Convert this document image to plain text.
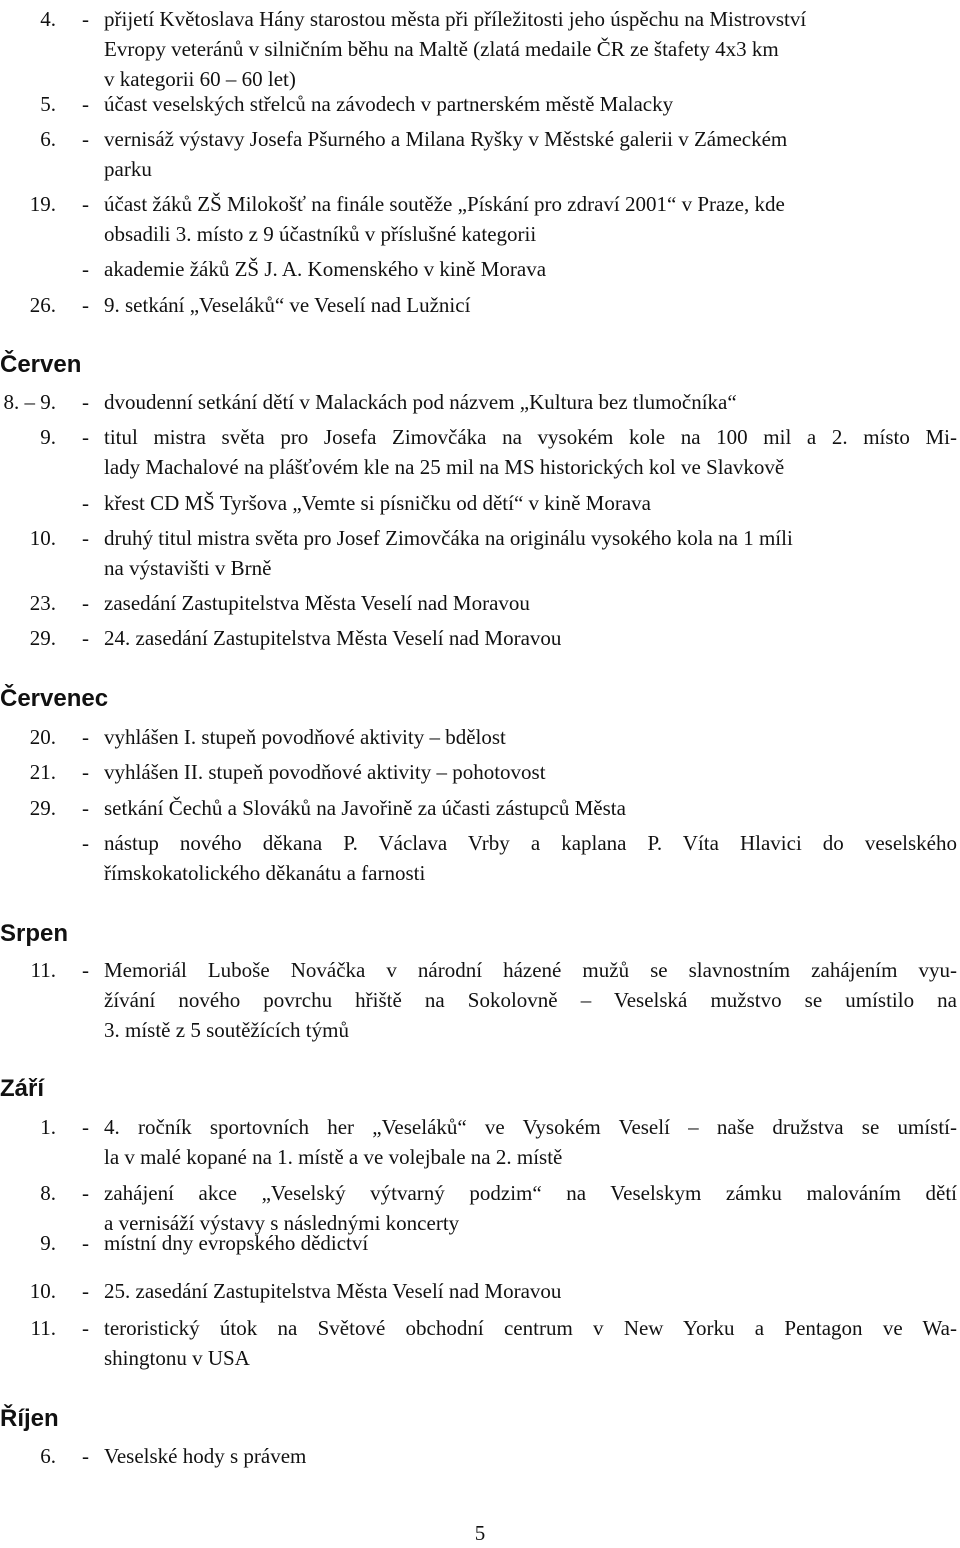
4. - přijetí Květoslava Hány starostou města při příležitosti jeho úspěchu na Mistrovství
Evropy veteránů v silničním běhu na Maltě (zlatá medaile ČR ze štafety 4x3 km
v kategorii 60 – 60 let)
5. - účast veselských střelců na závodech v partnerském městě Malacky
6. - vernisáž výstavy Josefa Pšurného a Milana Ryšky v Městské galerii v Zámeckém
parku
19. - účast žáků ZŠ Milokošť na finále soutěže „Pískání pro zdraví 2001“ v Praze, kde
obsadili 3. místo z 9 účastníků v příslušné kategorii
- akademie žáků ZŠ J. A. Komenského v kině Morava
26. - 9. setkání „Veseláků“ ve Veselí nad Lužnicí
Červen
8. – 9. - dvoudenní setkání dětí v Malackách pod názvem „Kultura bez tlumočníka“
9. - titul mistra světa pro Josefa Zimovčáka na vysokém kole na 100 mil a 2. místo Mi-
lady Machalové na plášťovém kle na 25 mil na MS historických kol ve Slavkově
- křest CD MŠ Tyršova „Vemte si písničku od dětí“ v kině Morava
10. - druhý titul mistra světa pro Josef Zimovčáka na originálu vysokého kola na 1 míli
na výstavišti v Brně
23. - zasedání Zastupitelstva Města Veselí nad Moravou
29. - 24. zasedání Zastupitelstva Města Veselí nad Moravou
Červenec
20. - vyhlášen I. stupeň povodňové aktivity – bdělost
21. - vyhlášen II. stupeň povodňové aktivity – pohotovost
29. - setkání Čechů a Slováků na Javořině za účasti zástupců Města
- nástup nového děkana P. Václava Vrby a kaplana P. Víta Hlavici do veselského
římskokatolického děkanátu a farnosti
Srpen
11. - Memoriál Luboše Nováčka v národní házené mužů se slavnostním zahájením vyu-
žívání nového povrchu hřiště na Sokolovně – Veselská mužstvo se umístilo na
3. místě z 5 soutěžících týmů
Září
1. - 4. ročník sportovních her „Veseláků“ ve Vysokém Veselí – naše družstva se umístí-
la v malé kopané na 1. místě a ve volejbale na 2. místě
8. - zahájení akce „Veselský výtvarný podzim“ na Veselskym zámku malováním dětí
a vernisáží výstavy s následnými koncerty
9. - místní dny evropského dědictví
10. - 25. zasedání Zastupitelstva Města Veselí nad Moravou
11. - teroristický útok na Světové obchodní centrum v New Yorku a Pentagon ve Wa-
shingtonu v USA
Říjen
6. - Veselské hody s právem
5
